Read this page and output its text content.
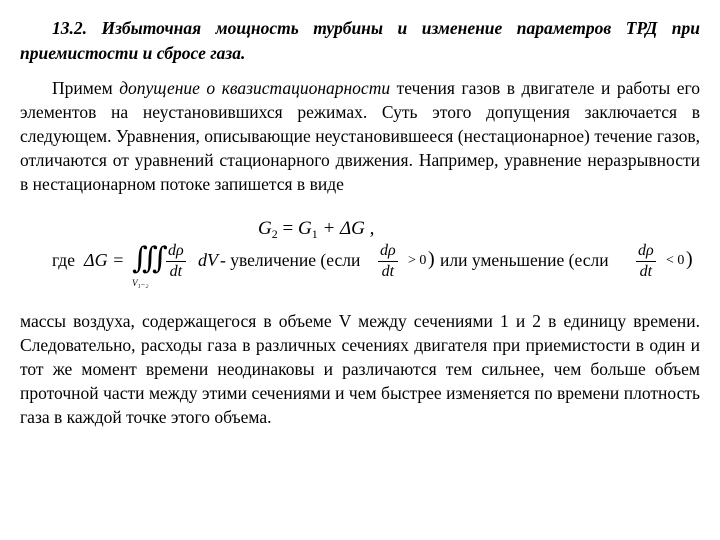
13.2. Избыточная мощность турбины и изменение параметров ТРД при приемистости и сбросе газа.

Примем допущение о квазистационарности течения газов в двигателе и работы его элементов на неустановившихся режимах. Суть этого допущения заключается в следующем. Уравнения, описывающие неустановившееся (нестационарное) течение газов, отличаются от уравнений стационарного движения. Например, уравнение неразрывности в нестационарном потоке запишется в виде

$G_2 = G_1 + \Delta G$ ,
где ΔG = ∭
V₁₋₂
$\frac{d\rho}{dt}$ dV - увеличение (если $\frac{d\rho}{dt} > 0$ ) или уменьшение (если $\frac{d\rho}{dt} < 0$ )

массы воздуха, содержащегося в объеме V между сечениями 1 и 2 в единицу времени. Следовательно, расходы газа в различных сечениях двигателя при приемистости в один и тот же момент времени неодинаковы и различаются тем сильнее, чем больше объем проточной части между этими сечениями и чем быстрее изменяется по времени плотность газа в каждой точке этого объема.
